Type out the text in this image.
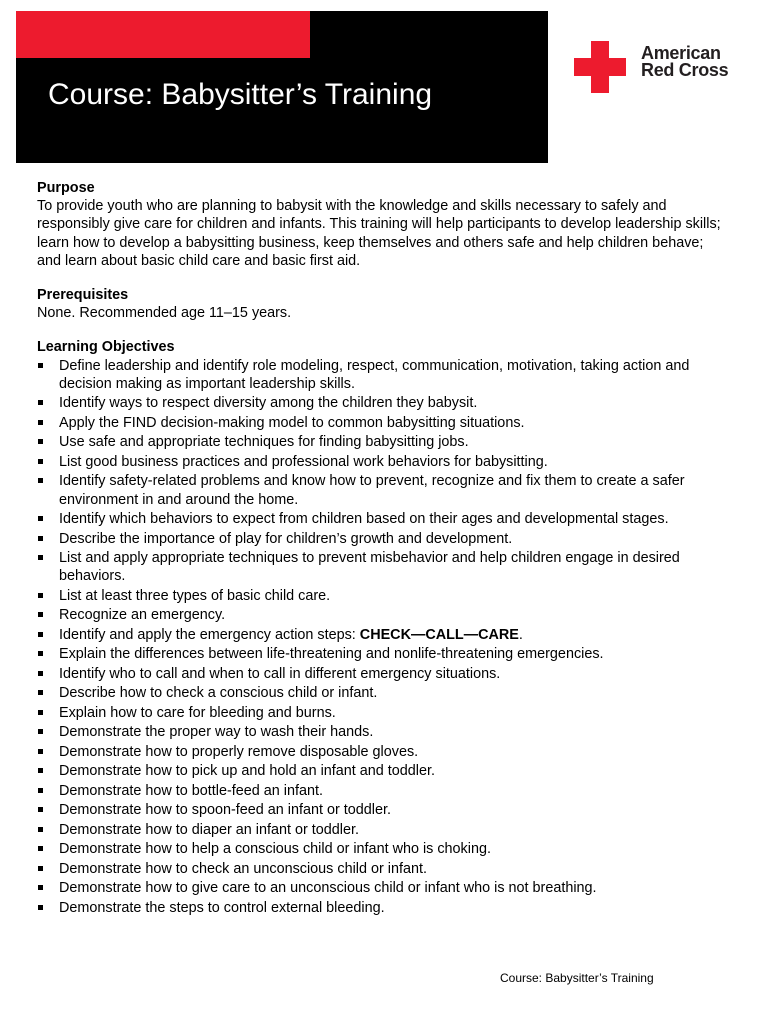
Course: Babysitter’s Training
American
Red Cross
Purpose
To provide youth who are planning to babysit with the knowledge and skills necessary to safely and responsibly give care for children and infants. This training will help participants to develop leadership skills; learn how to develop a babysitting business, keep themselves and others safe and help children behave; and learn about basic child care and basic first aid.
Prerequisites
None. Recommended age 11–15 years.
Learning Objectives
Define leadership and identify role modeling, respect, communication, motivation, taking action and decision making as important leadership skills.
Identify ways to respect diversity among the children they babysit.
Apply the FIND decision-making model to common babysitting situations.
Use safe and appropriate techniques for finding babysitting jobs.
List good business practices and professional work behaviors for babysitting.
Identify safety-related problems and know how to prevent, recognize and fix them to create a safer environment in and around the home.
Identify which behaviors to expect from children based on their ages and developmental stages.
Describe the importance of play for children’s growth and development.
List and apply appropriate techniques to prevent misbehavior and help children engage in desired behaviors.
List at least three types of basic child care.
Recognize an emergency.
Identify and apply the emergency action steps: CHECK—CALL—CARE.
Explain the differences between life-threatening and nonlife-threatening emergencies.
Identify who to call and when to call in different emergency situations.
Describe how to check a conscious child or infant.
Explain how to care for bleeding and burns.
Demonstrate the proper way to wash their hands.
Demonstrate how to properly remove disposable gloves.
Demonstrate how to pick up and hold an infant and toddler.
Demonstrate how to bottle-feed an infant.
Demonstrate how to spoon-feed an infant or toddler.
Demonstrate how to diaper an infant or toddler.
Demonstrate how to help a conscious child or infant who is choking.
Demonstrate how to check an unconscious child or infant.
Demonstrate how to give care to an unconscious child or infant who is not breathing.
Demonstrate the steps to control external bleeding.
Course: Babysitter’s Training
